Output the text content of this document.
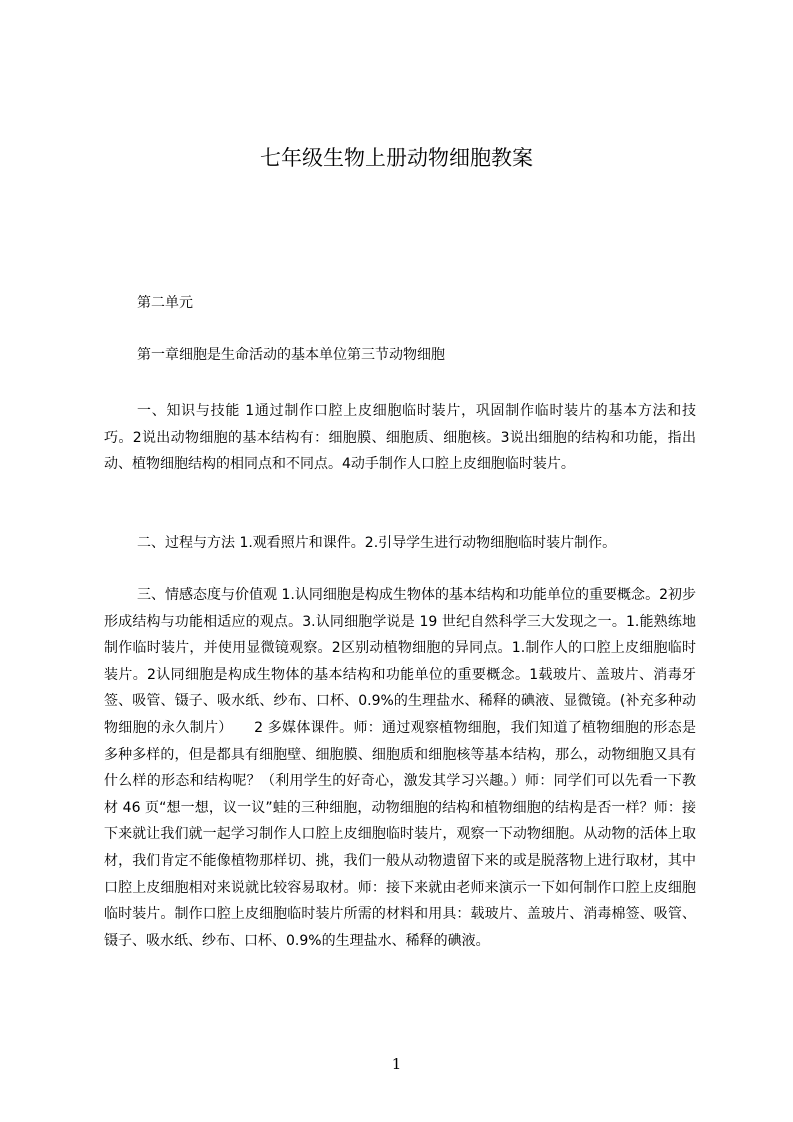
七年级生物上册动物细胞教案
第二单元
第一章细胞是生命活动的基本单位第三节动物细胞
一、知识与技能 1通过制作口腔上皮细胞临时装片，巩固制作临时装片的基本方法和技巧。2说出动物细胞的基本结构有：细胞膜、细胞质、细胞核。3说出细胞的结构和功能，指出动、植物细胞结构的相同点和不同点。4动手制作人口腔上皮细胞临时装片。
二、过程与方法 1.观看照片和课件。2.引导学生进行动物细胞临时装片制作。
三、情感态度与价值观 1.认同细胞是构成生物体的基本结构和功能单位的重要概念。2初步形成结构与功能相适应的观点。3.认同细胞学说是 19 世纪自然科学三大发现之一。1.能熟练地制作临时装片，并使用显微镜观察。2区别动植物细胞的异同点。1.制作人的口腔上皮细胞临时装片。2认同细胞是构成生物体的基本结构和功能单位的重要概念。1载玻片、盖玻片、消毒牙签、吸管、镊子、吸水纸、纱布、口杯、0.9%的生理盐水、稀释的碘液、显微镜。(补充多种动物细胞的永久制片）　　2 多媒体课件。师：通过观察植物细胞，我们知道了植物细胞的形态是多种多样的，但是都具有细胞壁、细胞膜、细胞质和细胞核等基本结构，那么，动物细胞又具有什么样的形态和结构呢？（利用学生的好奇心，激发其学习兴趣。）师：同学们可以先看一下教材 46 页“想一想，议一议”蛙的三种细胞，动物细胞的结构和植物细胞的结构是否一样？师：接下来就让我们就一起学习制作人口腔上皮细胞临时装片，观察一下动物细胞。从动物的活体上取材，我们肯定不能像植物那样切、挑，我们一般从动物遗留下来的或是脱落物上进行取材，其中口腔上皮细胞相对来说就比较容易取材。师：接下来就由老师来演示一下如何制作口腔上皮细胞临时装片。制作口腔上皮细胞临时装片所需的材料和用具：载玻片、盖玻片、消毒棉签、吸管、镊子、吸水纸、纱布、口杯、0.9%的生理盐水、稀释的碘液。
1
